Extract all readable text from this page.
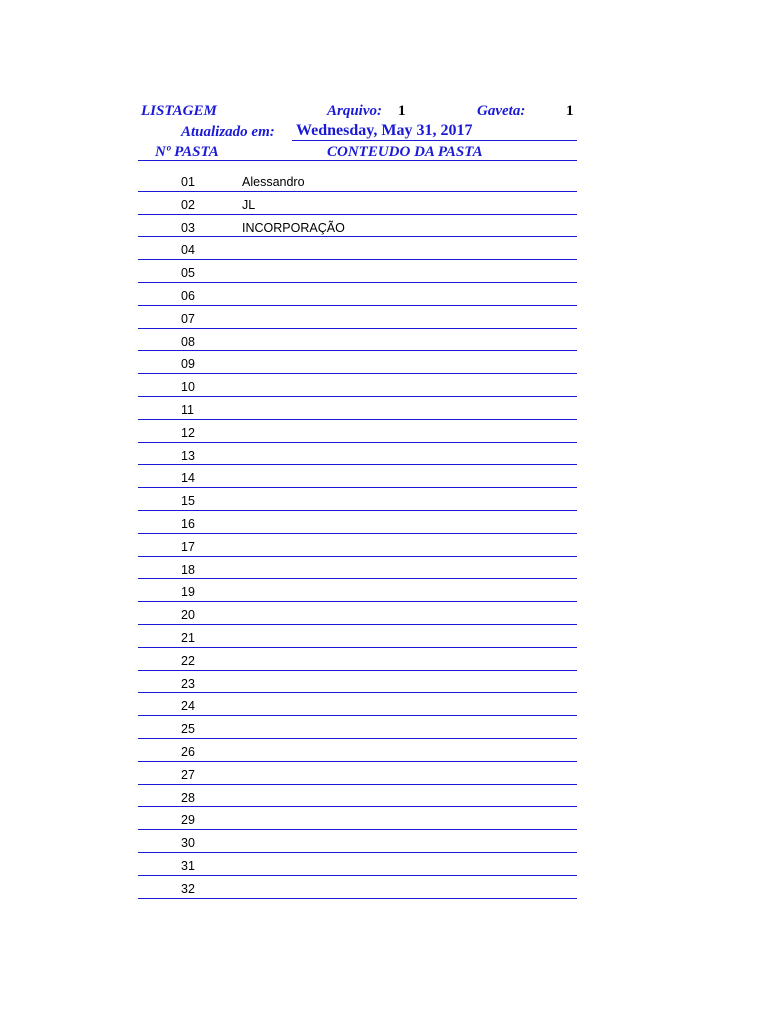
LISTAGEM	Arquivo: 1	Gaveta:	1
Atualizado em: Wednesday, May 31, 2017
Nº PASTA	CONTEUDO DA PASTA
01	Alessandro
02	JL
03	INCORPORAÇÃO
04
05
06
07
08
09
10
11
12
13
14
15
16
17
18
19
20
21
22
23
24
25
26
27
28
29
30
31
32
